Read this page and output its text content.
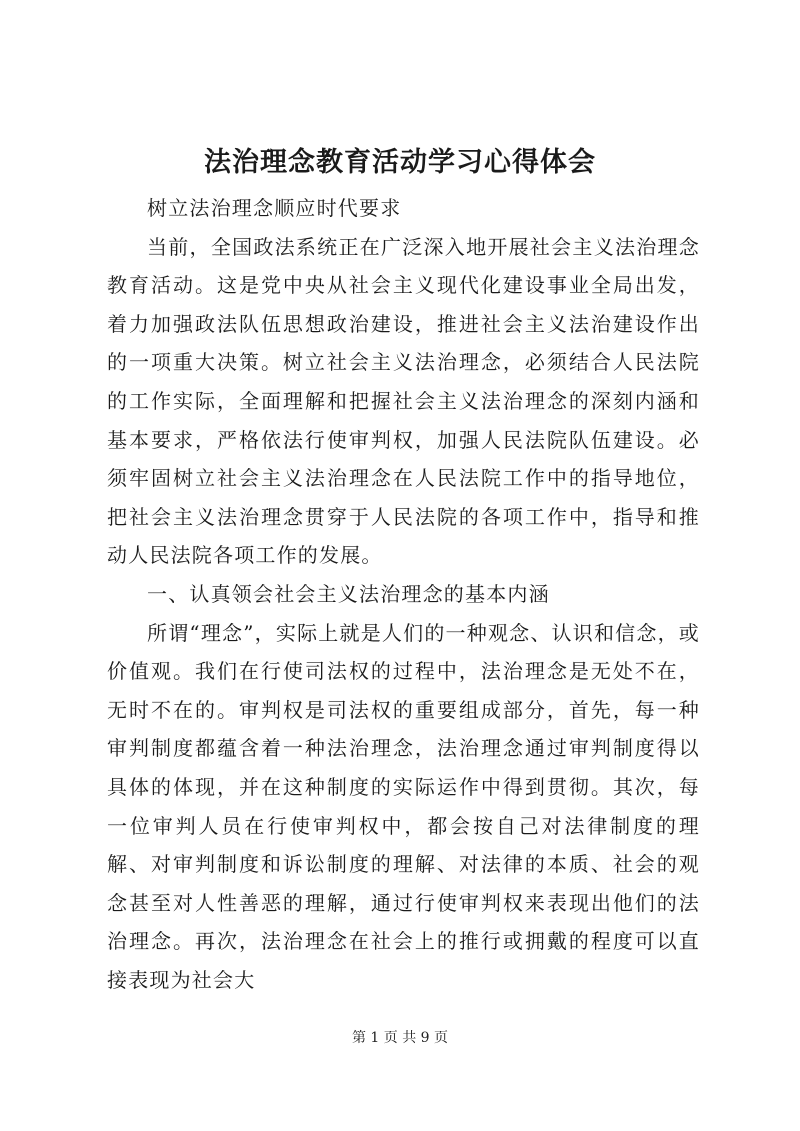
法治理念教育活动学习心得体会

树立法治理念顺应时代要求

当前，全国政法系统正在广泛深入地开展社会主义法治理念教育活动。这是党中央从社会主义现代化建设事业全局出发，着力加强政法队伍思想政治建设，推进社会主义法治建设作出的一项重大决策。树立社会主义法治理念，必须结合人民法院的工作实际，全面理解和把握社会主义法治理念的深刻内涵和基本要求，严格依法行使审判权，加强人民法院队伍建设。必须牢固树立社会主义法治理念在人民法院工作中的指导地位，把社会主义法治理念贯穿于人民法院的各项工作中，指导和推动人民法院各项工作的发展。

一、认真领会社会主义法治理念的基本内涵

所谓“理念”，实际上就是人们的一种观念、认识和信念，或价值观。我们在行使司法权的过程中，法治理念是无处不在，无时不在的。审判权是司法权的重要组成部分，首先，每一种审判制度都蕴含着一种法治理念，法治理念通过审判制度得以具体的体现，并在这种制度的实际运作中得到贯彻。其次，每一位审判人员在行使审判权中，都会按自己对法律制度的理解、对审判制度和诉讼制度的理解、对法律的本质、社会的观念甚至对人性善恶的理解，通过行使审判权来表现出他们的法治理念。再次，法治理念在社会上的推行或拥戴的程度可以直接表现为社会大

第 1 页 共 9 页
